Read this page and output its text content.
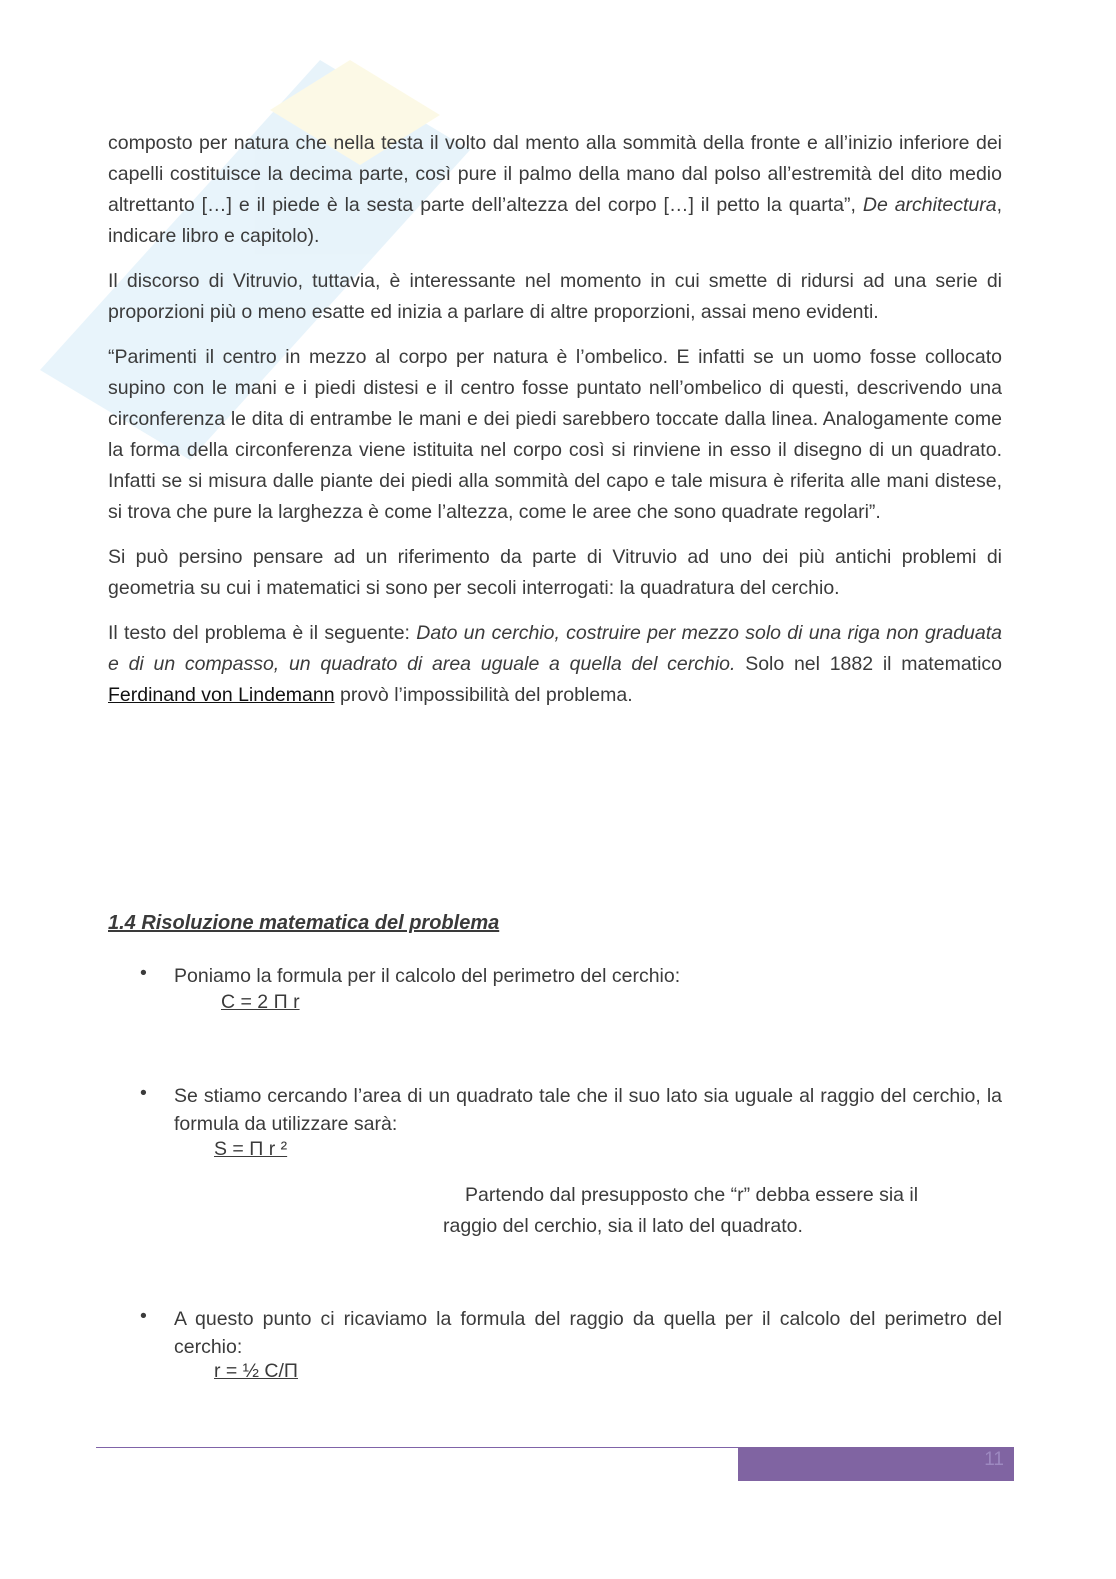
composto per natura che nella testa il volto dal mento alla sommità della fronte e all’inizio inferiore dei capelli costituisce la decima parte, così pure il palmo della mano dal polso all’estremità del dito medio altrettanto […] e il piede è la sesta parte dell’altezza del corpo […] il petto la quarta”, De architectura, indicare libro e capitolo).

Il discorso di Vitruvio, tuttavia, è interessante nel momento in cui smette di ridursi ad una serie di proporzioni più o meno esatte ed inizia a parlare di altre proporzioni, assai meno evidenti.

“Parimenti il centro in mezzo al corpo per natura è l’ombelico. E infatti se un uomo fosse collocato supino con le mani e i piedi distesi e il centro fosse puntato nell’ombelico di questi, descrivendo una circonferenza le dita di entrambe le mani e dei piedi sarebbero toccate dalla linea. Analogamente come la forma della circonferenza viene istituita nel corpo così si rinviene in esso il disegno di un quadrato. Infatti se si misura dalle piante dei piedi alla sommità del capo e tale misura è riferita alle mani distese, si trova che pure la larghezza è come l’altezza, come le aree che sono quadrate regolari”.

Si può persino pensare ad un riferimento da parte di Vitruvio ad uno dei più antichi problemi di geometria su cui i matematici si sono per secoli interrogati: la quadratura del cerchio.

Il testo del problema è il seguente: Dato un cerchio, costruire per mezzo solo di una riga non graduata e di un compasso, un quadrato di area uguale a quella del cerchio. Solo nel 1882 il matematico Ferdinand von Lindemann provò l’impossibilità del problema.

1.4 Risoluzione matematica del problema
• Poniamo la formula per il calcolo del perimetro del cerchio:
C = 2 Π r
• Se stiamo cercando l’area di un quadrato tale che il suo lato sia uguale al raggio del cerchio, la formula da utilizzare sarà:
S = Π r ²
Partendo dal presupposto che “r” debba essere sia il
raggio del cerchio, sia il lato del quadrato.
• A questo punto ci ricaviamo la formula del raggio da quella per il calcolo del perimetro del cerchio:
r = ½ C/Π
11
